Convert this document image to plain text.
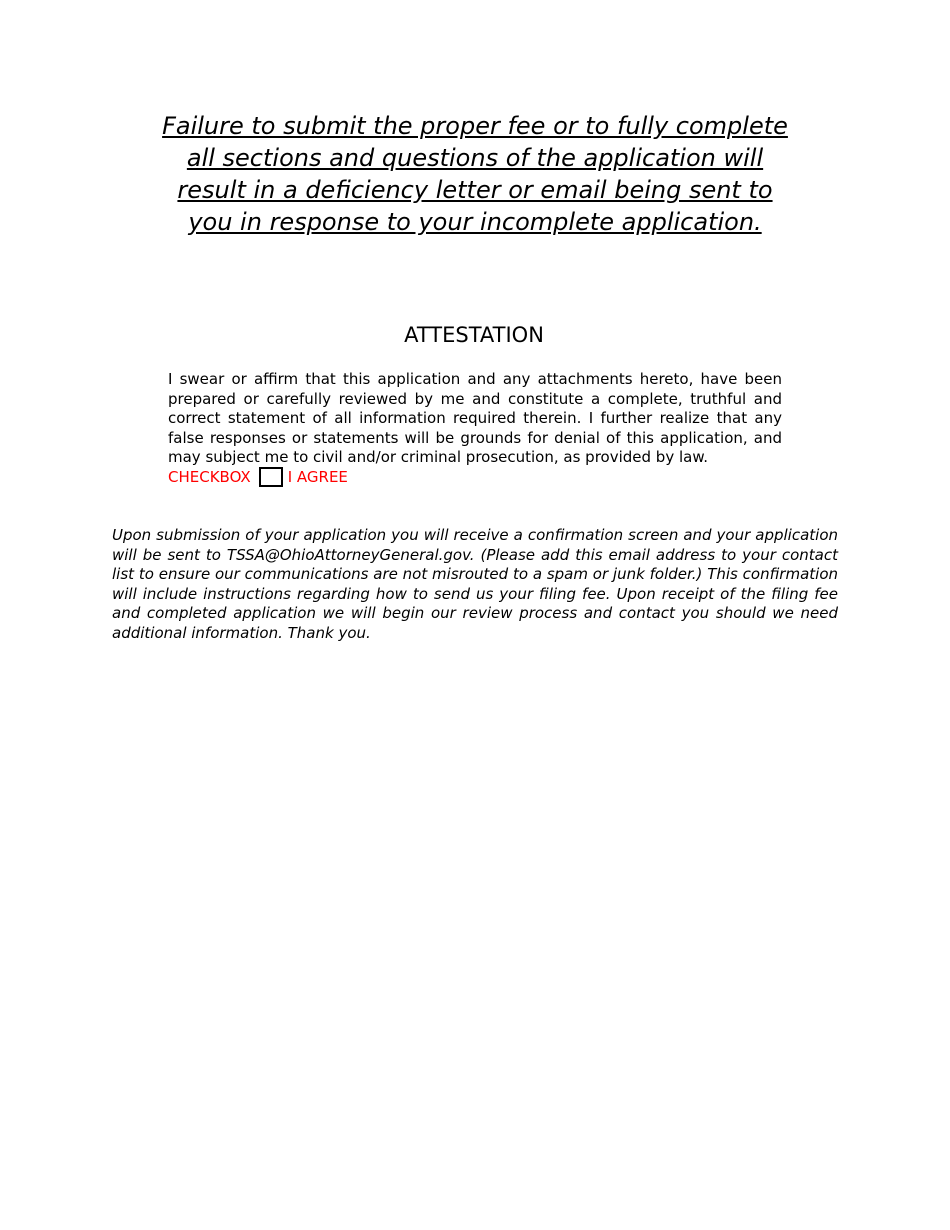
Failure to submit the proper fee or to fully complete all sections and questions of the application will result in a deficiency letter or email being sent to you in response to your incomplete application.

ATTESTATION

I swear or affirm that this application and any attachments hereto, have been prepared or carefully reviewed by me and constitute a complete, truthful and correct statement of all information required therein. I further realize that any false responses or statements will be grounds for denial of this application, and may subject me to civil and/or criminal prosecution, as provided by law.

CHECKBOX I AGREE

Upon submission of your application you will receive a confirmation screen and your application will be sent to TSSA@OhioAttorneyGeneral.gov. (Please add this email address to your contact list to ensure our communications are not misrouted to a spam or junk folder.) This confirmation will include instructions regarding how to send us your filing fee. Upon receipt of the filing fee and completed application we will begin our review process and contact you should we need additional information. Thank you.
